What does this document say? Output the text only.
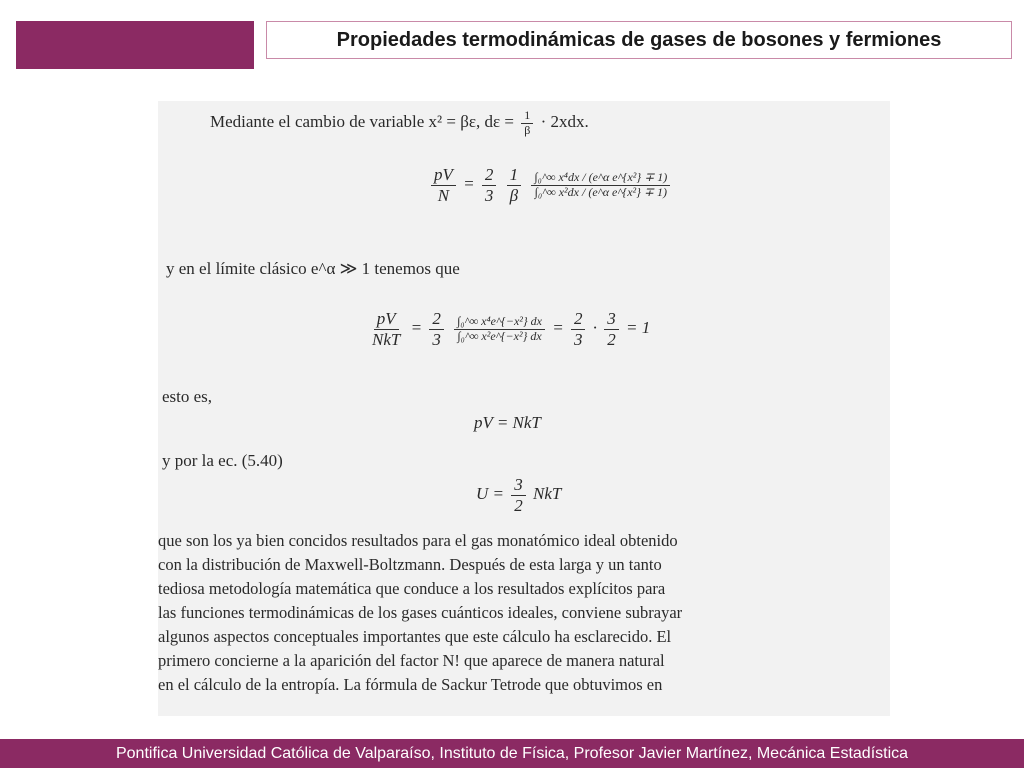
Propiedades termodinámicas de gases de bosones y fermiones
Mediante el cambio de variable x² = βε, $d\varepsilon = \frac{1}{\beta} \cdot 2xdx$.
$\frac{pV}{N} = \frac{2}{3}$
$\frac{1}{\beta}$
$\frac{\text{∫₀\textasciicircum{}∞ x⁴dx / (e\textasciicircum{}α e\textasciicircum{}\{x²\} ∓ 1)}}{\text{∫₀\textasciicircum{}∞ x²dx / (e\textasciicircum{}α e\textasciicircum{}\{x²\} ∓ 1)}}$
y en el límite clásico e^α ≫ 1 tenemos que
$\frac{pV}{\text{NkT}} = \frac{2}{3}$
$\frac{\text{∫₀\textasciicircum{}∞ x⁴e\textasciicircum{}\{−x²\} dx}}{\text{∫₀\textasciicircum{}∞ x²e\textasciicircum{}\{−x²\} dx}} = \frac{2}{3} \cdot \frac{3}{2} = 1$
esto es,
pV = NkT
y por la ec. (5.40)
$U = \frac{3}{2}$ NkT
que son los ya bien concidos resultados para el gas monatómico ideal obtenido
con la distribución de Maxwell-Boltzmann. Después de esta larga y un tanto
tediosa metodología matemática que conduce a los resultados explícitos para
las funciones termodinámicas de los gases cuánticos ideales, conviene subrayar
algunos aspectos conceptuales importantes que este cálculo ha esclarecido. El
primero concierne a la aparición del factor N! que aparece de manera natural
en el cálculo de la entropía. La fórmula de Sackur Tetrode que obtuvimos en
Pontifica Universidad Católica de Valparaíso, Instituto de Física, Profesor Javier Martínez, Mecánica Estadística
